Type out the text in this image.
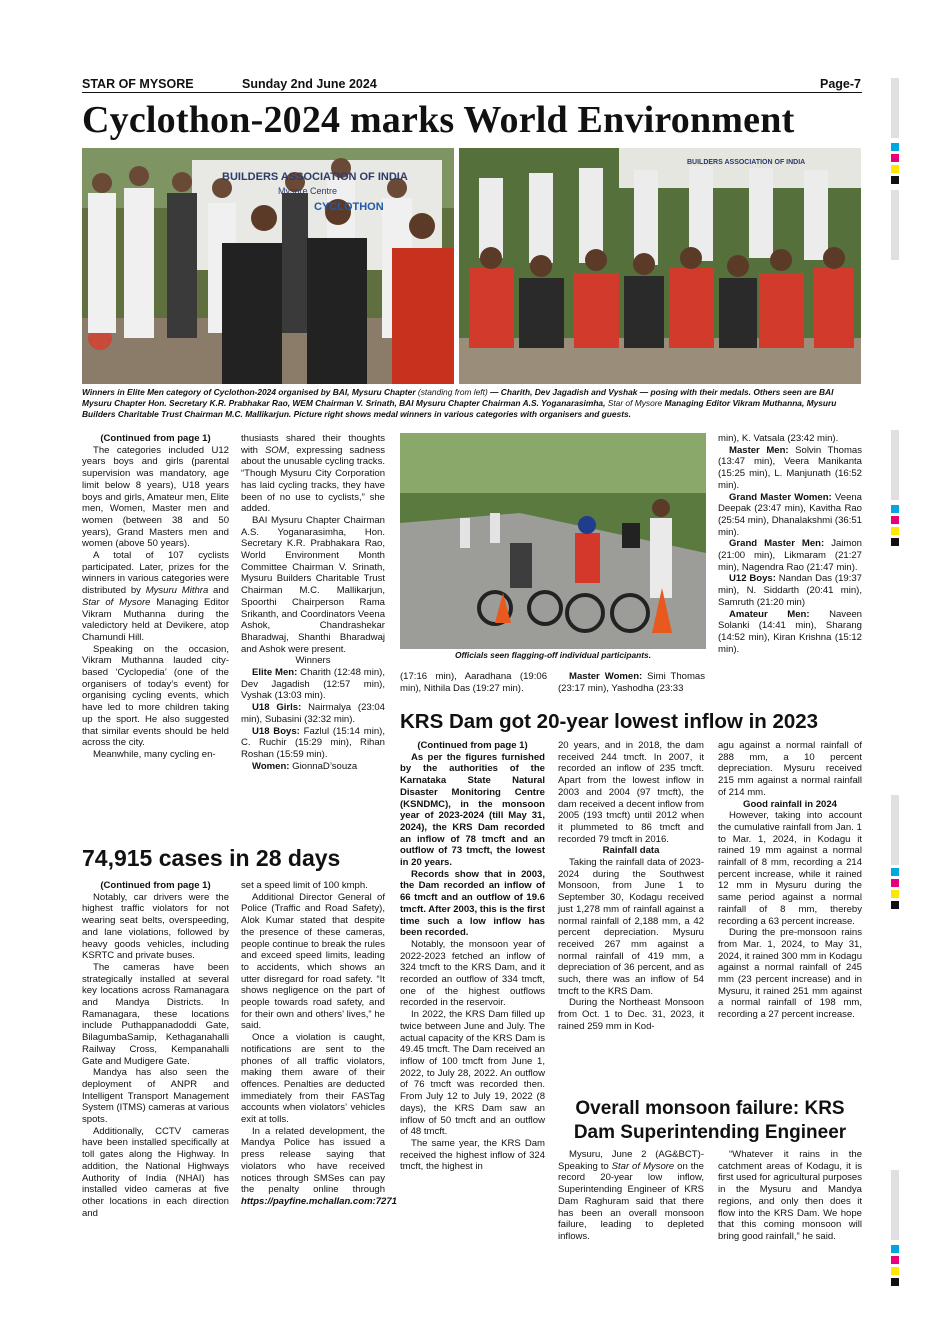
STAR OF MYSORE	Sunday 2nd June 2024	Page-7
Cyclothon-2024 marks World Environment
BUILDERS ASSOCIATION OF INDIA
Mysore Centre
CYCLOTHON
BUILDERS ASSOCIATION OF INDIA
Winners in Elite Men category of Cyclothon-2024 organised by BAI, Mysuru Chapter (standing from left) — Charith, Dev Jagadish and Vyshak — posing with their medals. Others seen are BAI Mysuru Chapter Hon. Secretary K.R. Prabhakar Rao, WEM Chairman V. Srinath, BAI Mysuru Chapter Chairman A.S. Yoganarasimha, Star of Mysore Managing Editor Vikram Muthanna, Mysuru Builders Charitable Trust Chairman M.C. Mallikarjun. Picture right shows medal winners in various categories with organisers and guests.

(Continued from page 1)

The categories included U12 years boys and girls (parental supervision was mandatory, age limit below 8 years), U18 years boys and girls, Amateur men, Elite men, Women, Master men and women (between 38 and 50 years), Grand Masters men and women (above 50 years).

A total of 107 cyclists participated. Later, prizes for the winners in various categories were distributed by Mysuru Mithra and Star of Mysore Managing Editor Vikram Muthanna during the valedictory held at Devikere, atop Chamundi Hill.

Speaking on the occasion, Vikram Muthanna lauded city-based ‘Cyclopedia’ (one of the organisers of today’s event) for organising cycling events, which have led to more children taking up the sport. He also suggested that similar events should be held across the city.

Meanwhile, many cycling en-

thusiasts shared their thoughts with SOM, expressing sadness about the unusable cycling tracks. “Though Mysuru City Corporation has laid cycling tracks, they have been of no use to cyclists,” she added.

BAI Mysuru Chapter Chairman A.S. Yoganarasimha, Hon. Secretary K.R. Prabhakara Rao, World Environment Month Committee Chairman V. Srinath, Mysuru Builders Charitable Trust Chairman M.C. Mallikarjun, Spoorthi Chairperson Rama Srikanth, and Coordinators Veena Ashok, Chandrashekar Bharadwaj, Shanthi Bharadwaj and Ashok were present.

Winners

Elite Men: Charith (12:48 min), Dev Jagadish (12:57 min), Vyshak (13:03 min).

U18 Girls: Nairmalya (23:04 min), Subasini (32:32 min).

U18 Boys: Fazlul (15:14 min), C. Ruchir (15:29 min), Rihan Roshan (15:59 min).

Women: GionnaD’souza

Officials seen flagging-off individual participants.

(17:16 min), Aaradhana (19:06 min), Nithila Das (19:27 min).

Master Women: Simi Thomas (23:17 min), Yashodha (23:33

min), K. Vatsala (23:42 min).

Master Men: Solvin Thomas (13:47 min), Veera Manikanta (15:25 min), L. Manjunath (16:52 min).

Grand Master Women: Veena Deepak (23:47 min), Kavitha Rao (25:54 min), Dhanalakshmi (36:51 min).

Grand Master Men: Jaimon (21:00 min), Likmaram (21:27 min), Nagendra Rao (21:47 min).

U12 Boys: Nandan Das (19:37 min), N. Siddarth (20:41 min), Samruth (21:20 min)

Amateur Men: Naveen Solanki (14:41 min), Sharang (14:52 min), Kiran Krishna (15:12 min).

74,915 cases in 28 days

(Continued from page 1)

Notably, car drivers were the highest traffic violators for not wearing seat belts, overspeeding, and lane violations, followed by heavy goods vehicles, including KSRTC and private buses.

The cameras have been strategically installed at several key locations across Ramanagara and Mandya Districts. In Ramanagara, these locations include Puthappanadoddi Gate, BilagumbaSamip, Kethaganahalli Railway Cross, Kempanahalli Gate and Mudigere Gate.

Mandya has also seen the deployment of ANPR and Intelligent Transport Management System (ITMS) cameras at various spots.

Additionally, CCTV cameras have been installed specifically at toll gates along the Highway. In addition, the National Highways Authority of India (NHAI) has installed video cameras at five other locations in each direction and

set a speed limit of 100 kmph.

Additional Director General of Police (Traffic and Road Safety), Alok Kumar stated that despite the presence of these cameras, people continue to break the rules and exceed speed limits, leading to accidents, which shows an utter disregard for road safety. “It shows negligence on the part of people towards road safety, and for their own and others’ lives,” he said.

Once a violation is caught, notifications are sent to the phones of all traffic violators, making them aware of their offences. Penalties are deducted immediately from their FASTag accounts when violators’ vehicles exit at tolls.

In a related development, the Mandya Police has issued a press release saying that violators who have received notices through SMSes can pay the penalty online through https://payfine.mchallan.com:7271

KRS Dam got 20-year lowest inflow in 2023

(Continued from page 1)

As per the figures furnished by the authorities of the Karnataka State Natural Disaster Monitoring Centre (KSNDMC), in the monsoon year of 2023-2024 (till May 31, 2024), the KRS Dam recorded an inflow of 78 tmcft and an outflow of 73 tmcft, the lowest in 20 years.

Records show that in 2003, the Dam recorded an inflow of 66 tmcft and an outflow of 19.6 tmcft. After 2003, this is the first time such a low inflow has been recorded.

Notably, the monsoon year of 2022-2023 fetched an inflow of 324 tmcft to the KRS Dam, and it recorded an outflow of 334 tmcft, one of the highest outflows recorded in the reservoir.

In 2022, the KRS Dam filled up twice between June and July. The actual capacity of the KRS Dam is 49.45 tmcft. The Dam received an inflow of 100 tmcft from June 1, 2022, to July 28, 2022. An outflow of 76 tmcft was recorded then. From July 12 to July 19, 2022 (8 days), the KRS Dam saw an inflow of 50 tmcft and an outflow of 48 tmcft.

The same year, the KRS Dam received the highest inflow of 324 tmcft, the highest in

20 years, and in 2018, the dam received 244 tmcft. In 2007, it recorded an inflow of 235 tmcft. Apart from the lowest inflow in 2003 and 2004 (97 tmcft), the dam received a decent inflow from 2005 (193 tmcft) until 2012 when it plummeted to 86 tmcft and recorded 79 tmcft in 2016.

Rainfall data

Taking the rainfall data of 2023-2024 during the Southwest Monsoon, from June 1 to September 30, Kodagu received just 1,278 mm of rainfall against a normal rainfall of 2,188 mm, a 42 percent depreciation. Mysuru received 267 mm against a normal rainfall of 419 mm, a depreciation of 36 percent, and as such, there was an inflow of 54 tmcft to the KRS Dam.

During the Northeast Monsoon from Oct. 1 to Dec. 31, 2023, it rained 259 mm in Kod-

agu against a normal rainfall of 288 mm, a 10 percent depreciation. Mysuru received 215 mm against a normal rainfall of 214 mm.

Good rainfall in 2024

However, taking into account the cumulative rainfall from Jan. 1 to Mar. 1, 2024, in Kodagu it rained 19 mm against a normal rainfall of 8 mm, recording a 214 percent increase, while it rained 12 mm in Mysuru during the same period against a normal rainfall of 8 mm, thereby recording a 63 percent increase.

During the pre-monsoon rains from Mar. 1, 2024, to May 31, 2024, it rained 300 mm in Kodagu against a normal rainfall of 245 mm (23 percent increase) and in Mysuru, it rained 251 mm against a normal rainfall of 198 mm, recording a 27 percent increase.

Overall monsoon failure: KRS
Dam Superintending Engineer

Mysuru, June 2 (AG&BCT)- Speaking to Star of Mysore on the record 20-year low inflow, Superintending Engineer of KRS Dam Raghuram said that there has been an overall monsoon failure, leading to depleted inflows.

“Whatever it rains in the catchment areas of Kodagu, it is first used for agricultural purposes in the Mysuru and Mandya regions, and only then does it flow into the KRS Dam. We hope that this coming monsoon will bring good rainfall,” he said.
